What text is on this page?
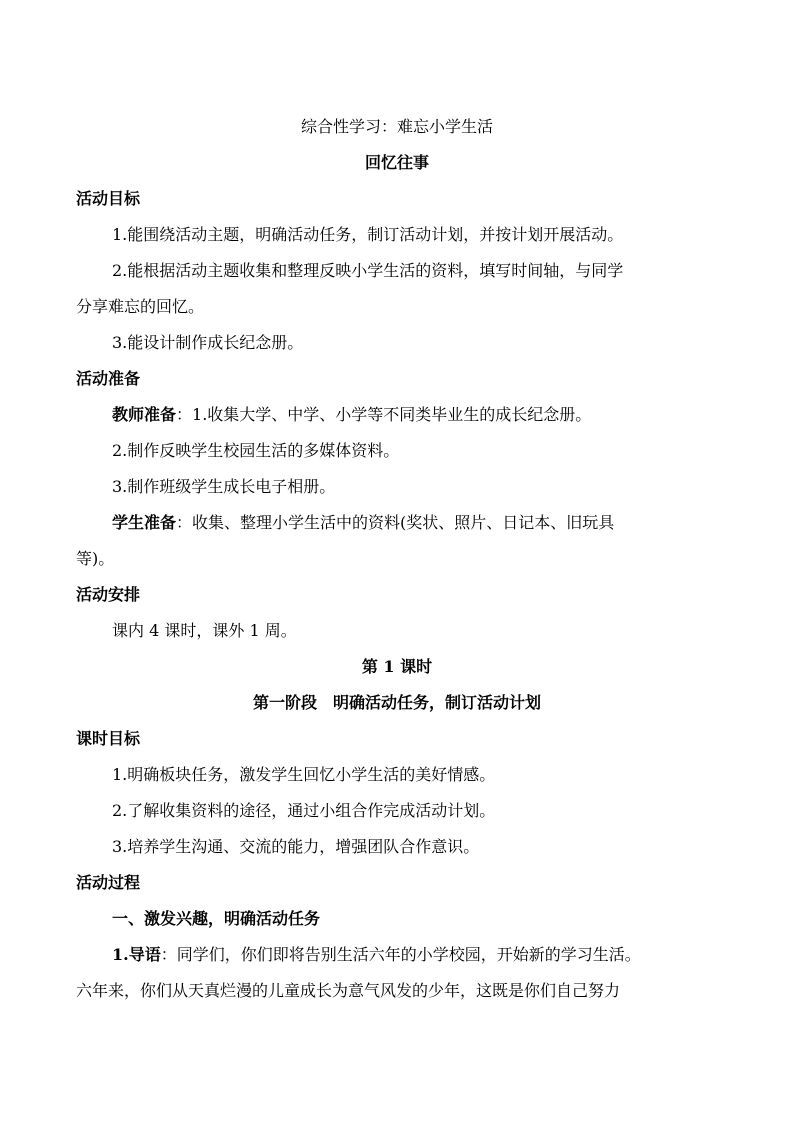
综合性学习：难忘小学生活
回忆往事
活动目标
1.能围绕活动主题，明确活动任务，制订活动计划，并按计划开展活动。
2.能根据活动主题收集和整理反映小学生活的资料，填写时间轴，与同学
分享难忘的回忆。
3.能设计制作成长纪念册。
活动准备
教师准备：1.收集大学、中学、小学等不同类毕业生的成长纪念册。
2.制作反映学生校园生活的多媒体资料。
3.制作班级学生成长电子相册。
学生准备：收集、整理小学生活中的资料(奖状、照片、日记本、旧玩具
等)。
活动安排
课内 4 课时，课外 1 周。
第 1 课时
第一阶段　明确活动任务，制订活动计划
课时目标
1.明确板块任务，激发学生回忆小学生活的美好情感。
2.了解收集资料的途径，通过小组合作完成活动计划。
3.培养学生沟通、交流的能力，增强团队合作意识。
活动过程
一、激发兴趣，明确活动任务
1.导语：同学们，你们即将告别生活六年的小学校园，开始新的学习生活。
六年来，你们从天真烂漫的儿童成长为意气风发的少年，这既是你们自己努力
